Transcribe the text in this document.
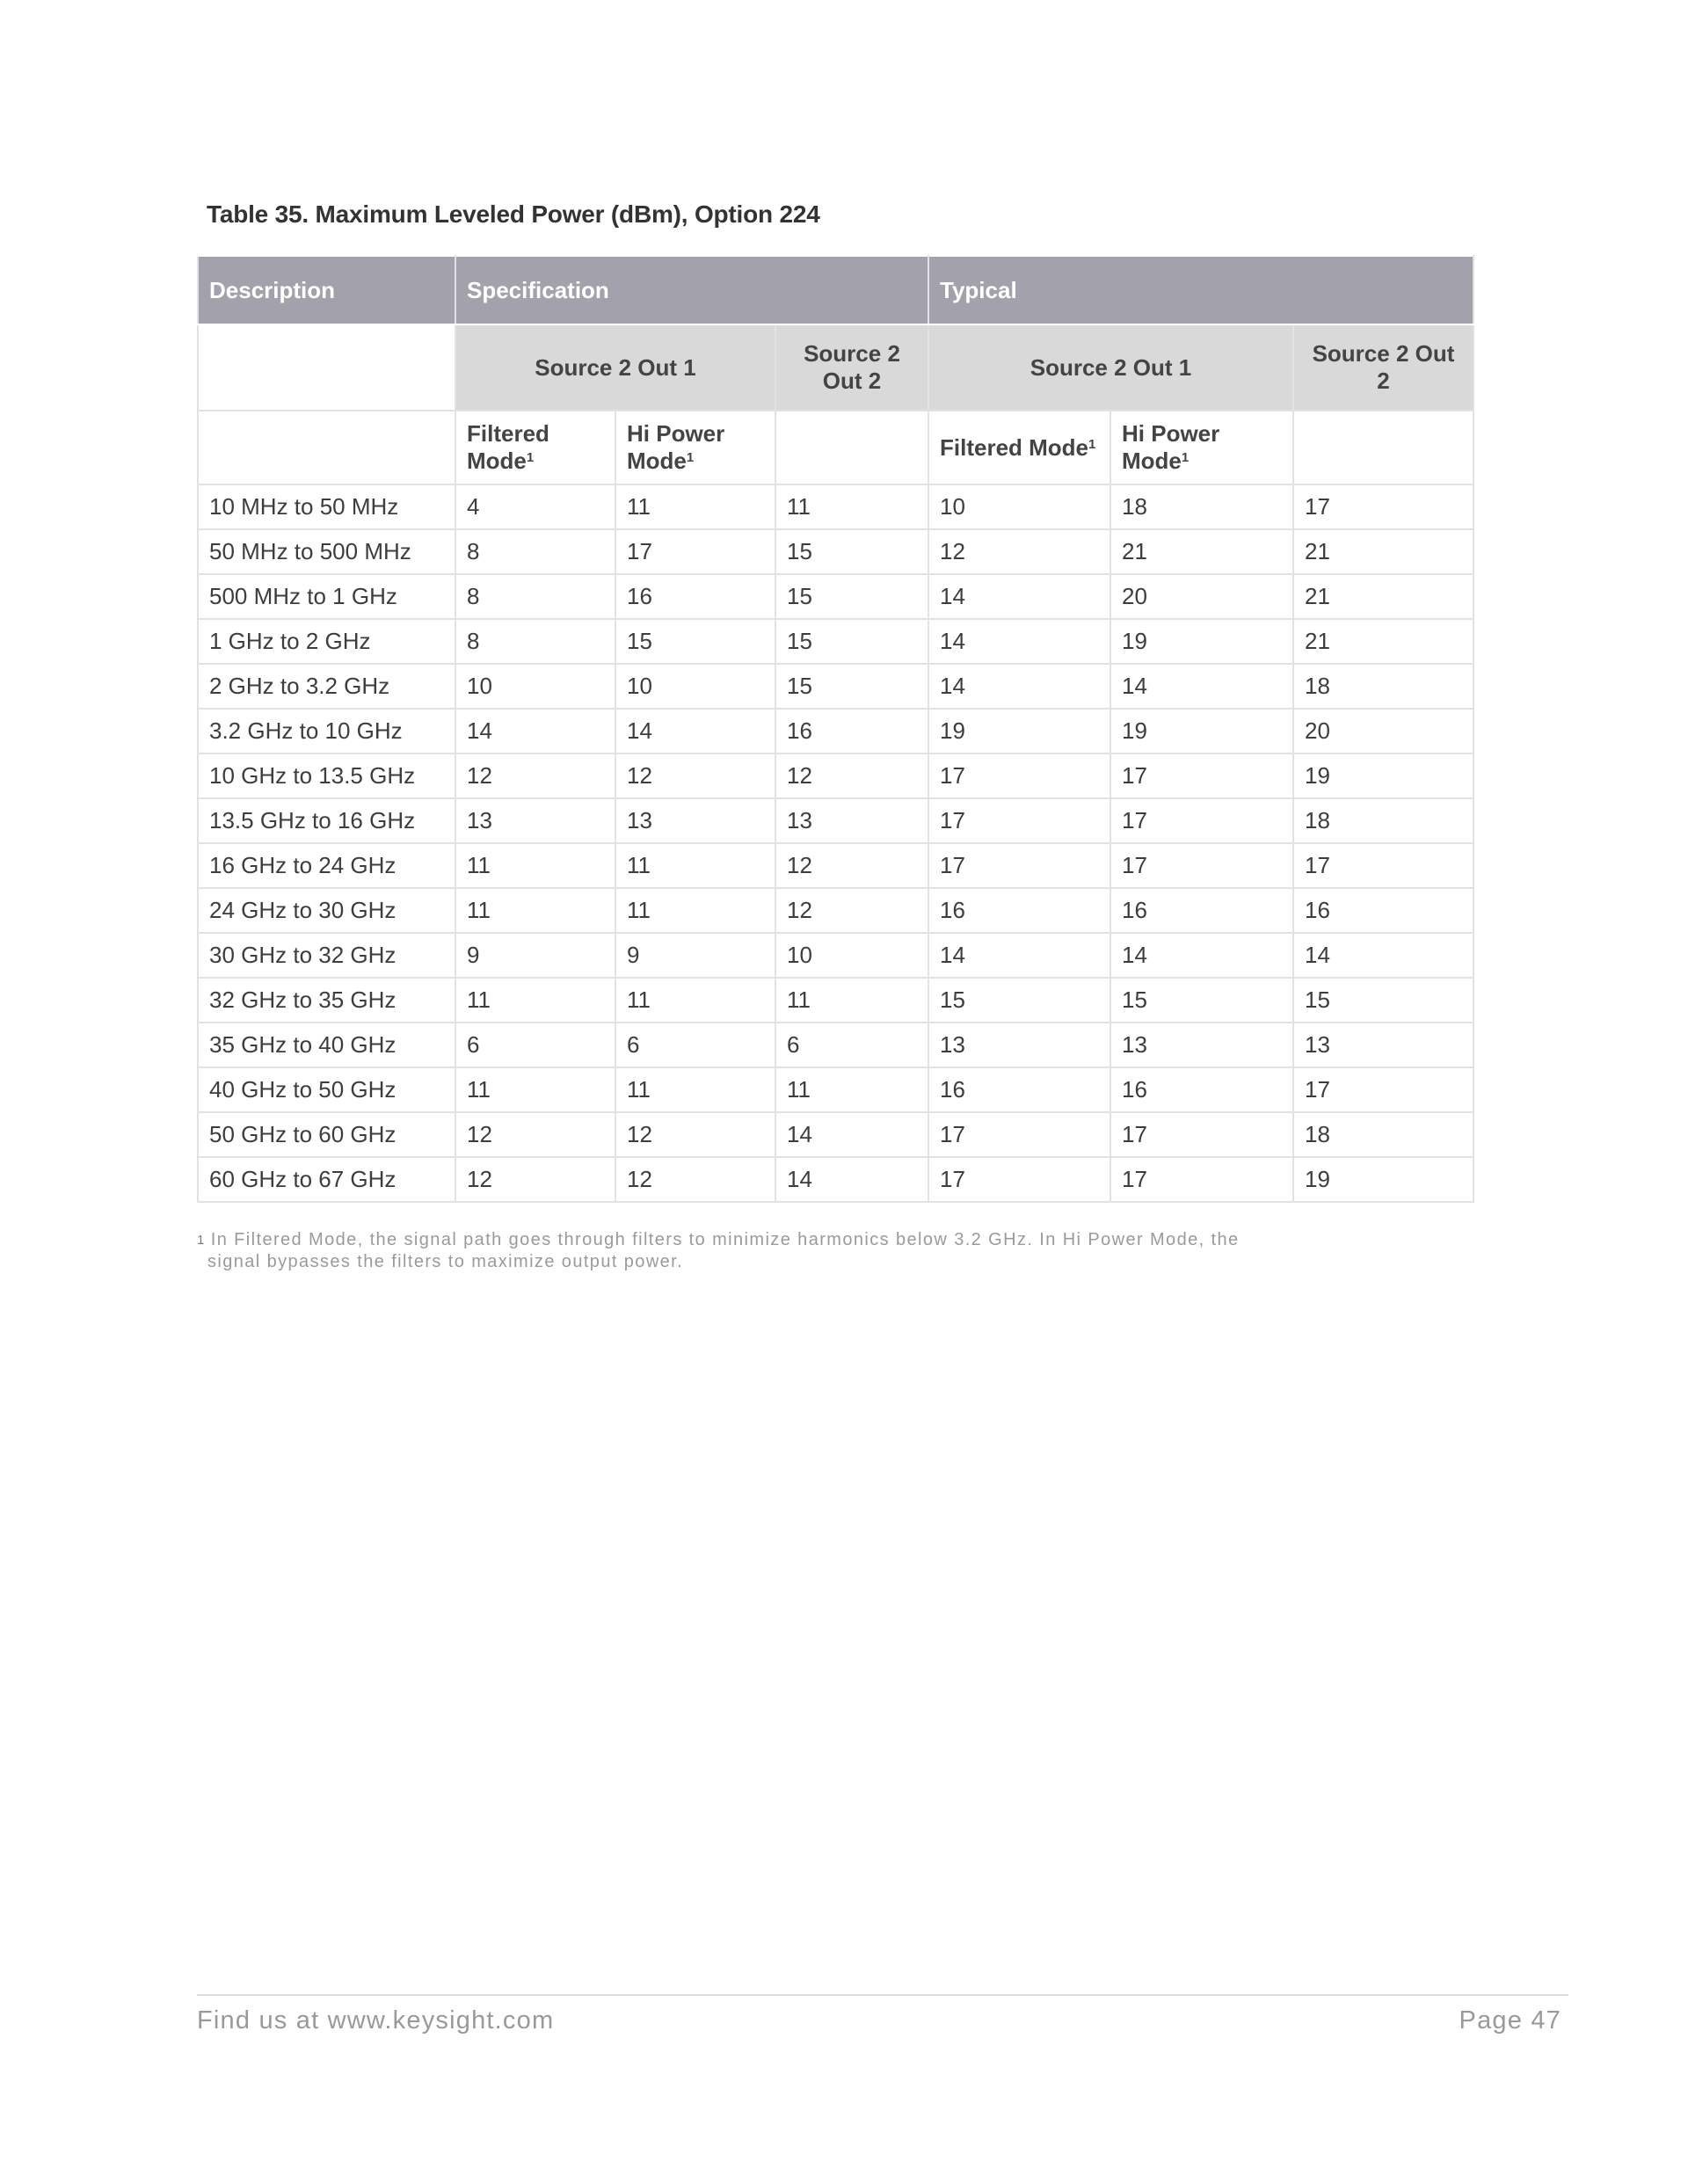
Table 35. Maximum Leveled Power (dBm), Option 224
Description	Specification			Typical		
	Source 2 Out 1		Source 2 Out 2	Source 2 Out 1		Source 2 Out 2
	Filtered Mode$^1$	Hi Power Mode$^1$		Filtered Mode$^1$	Hi Power Mode$^1$	
10 MHz to 50 MHz	4	11	11	10	18	17
50 MHz to 500 MHz	8	17	15	12	21	21
500 MHz to 1 GHz	8	16	15	14	20	21
1 GHz to 2 GHz	8	15	15	14	19	21
2 GHz to 3.2 GHz	10	10	15	14	14	18
3.2 GHz to 10 GHz	14	14	16	19	19	20
10 GHz to 13.5 GHz	12	12	12	17	17	19
13.5 GHz to 16 GHz	13	13	13	17	17	18
16 GHz to 24 GHz	11	11	12	17	17	17
24 GHz to 30 GHz	11	11	12	16	16	16
30 GHz to 32 GHz	9	9	10	14	14	14
32 GHz to 35 GHz	11	11	11	15	15	15
35 GHz to 40 GHz	6	6	6	13	13	13
40 GHz to 50 GHz	11	11	11	16	16	17
50 GHz to 60 GHz	12	12	14	17	17	18
60 GHz to 67 GHz	12	12	14	17	17	19
$^1$ In Filtered Mode, the signal path goes through filters to minimize harmonics below 3.2 GHz. In Hi Power Mode, the
signal bypasses the filters to maximize output power.
Find us at www.keysight.com	Page 47
